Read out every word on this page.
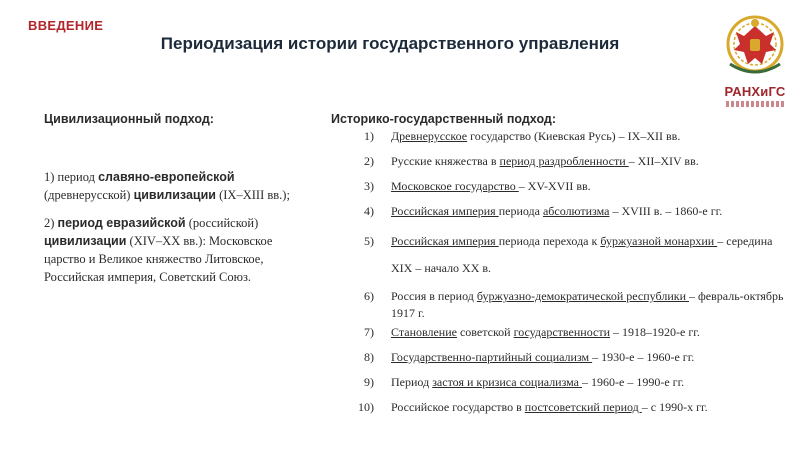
ВВЕДЕНИЕ
Периодизация истории государственного управления
РАНХиГС
Цивилизационный подход:	Историко-государственный подход:

1) период славяно-европейской (древнерусской) цивилизации (IX–XIII вв.);

2) период евразийской (российской) цивилизации (XIV–XX вв.): Московское царство и Великое княжество Литовское, Российская империя, Советский Союз.

1) Древнерусское государство (Киевская Русь) – IX–XII вв.
2) Русские княжества в период раздробленности – XII–XIV вв.
3) Московское государство – XV-XVII вв.
4) Российская империя периода абсолютизма – XVIII в. – 1860-е гг.
5) Российская империя периода перехода к буржуазной монархии – середина XIX – начало XX в.
6) Россия в период буржуазно-демократической республики – февраль-октябрь 1917 г.
7) Становление советской государственности – 1918–1920-е гг.
8) Государственно-партийный социализм – 1930-е – 1960-е гг.
9) Период застоя и кризиса социализма – 1960-е – 1990-е гг.
10) Российское государство в постсоветский период – с 1990-х гг.
